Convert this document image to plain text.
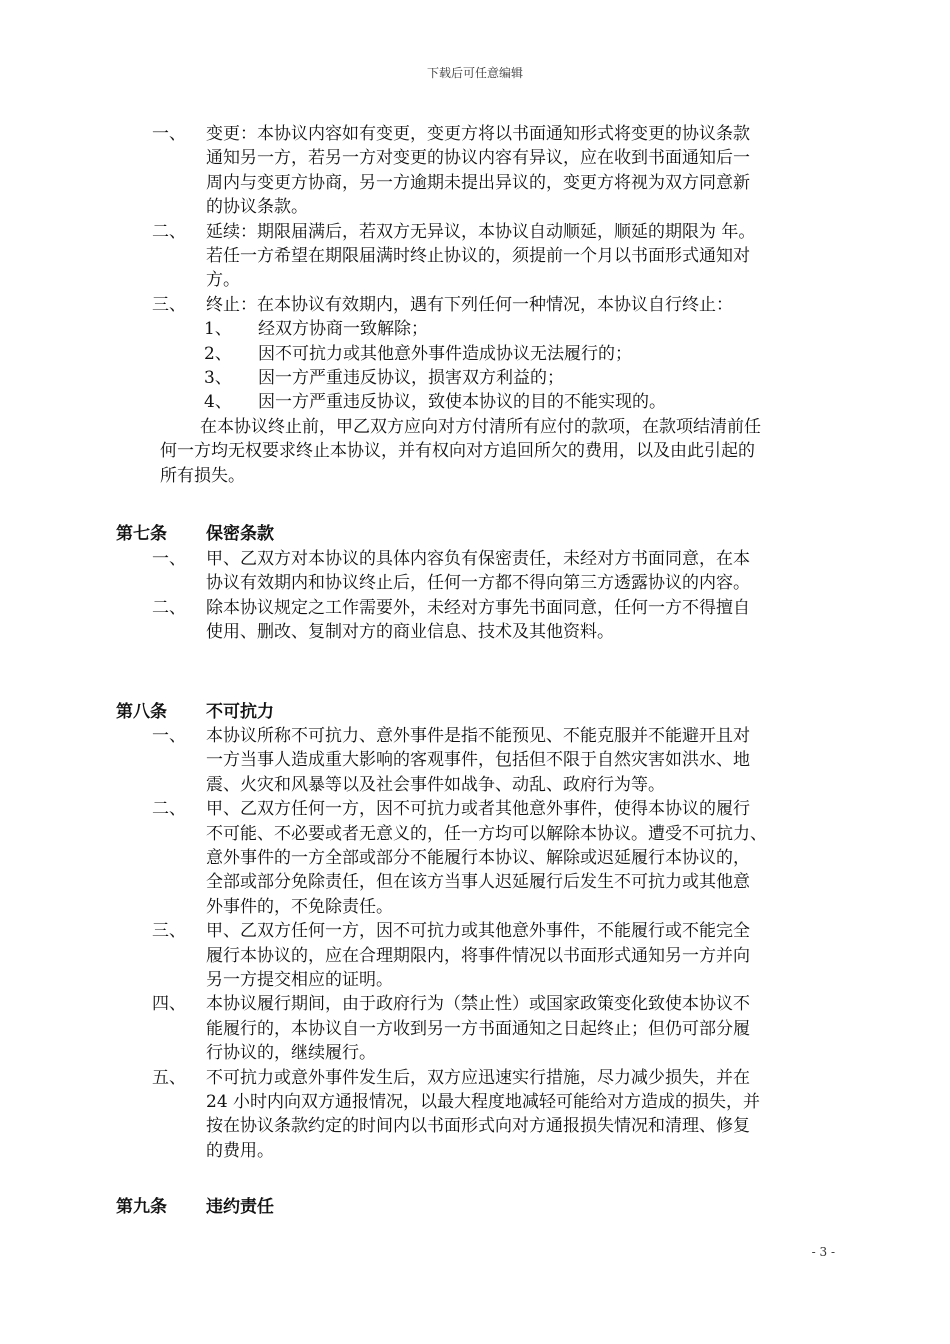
下载后可任意编辑
一、 变更：本协议内容如有变更，变更方将以书面通知形式将变更的协议条款
通知另一方，若另一方对变更的协议内容有异议，应在收到书面通知后一
周内与变更方协商，另一方逾期未提出异议的，变更方将视为双方同意新
的协议条款。
二、 延续：期限届满后，若双方无异议，本协议自动顺延，顺延的期限为 年。
若任一方希望在期限届满时终止协议的，须提前一个月以书面形式通知对
方。
三、 终止：在本协议有效期内，遇有下列任何一种情况，本协议自行终止：
1、 经双方协商一致解除；
2、 因不可抗力或其他意外事件造成协议无法履行的；
3、 因一方严重违反协议，损害双方利益的；
4、 因一方严重违反协议，致使本协议的目的不能实现的。
在本协议终止前，甲乙双方应向对方付清所有应付的款项，在款项结清前任
何一方均无权要求终止本协议，并有权向对方追回所欠的费用，以及由此引起的
所有损失。
第七条 保密条款
一、 甲、乙双方对本协议的具体内容负有保密责任，未经对方书面同意，在本
协议有效期内和协议终止后，任何一方都不得向第三方透露协议的内容。
二、 除本协议规定之工作需要外，未经对方事先书面同意，任何一方不得擅自
使用、删改、复制对方的商业信息、技术及其他资料。
第八条 不可抗力
一、 本协议所称不可抗力、意外事件是指不能预见、不能克服并不能避开且对
一方当事人造成重大影响的客观事件，包括但不限于自然灾害如洪水、地
震、火灾和风暴等以及社会事件如战争、动乱、政府行为等。
二、 甲、乙双方任何一方，因不可抗力或者其他意外事件，使得本协议的履行
不可能、不必要或者无意义的，任一方均可以解除本协议。遭受不可抗力、
意外事件的一方全部或部分不能履行本协议、解除或迟延履行本协议的，
全部或部分免除责任，但在该方当事人迟延履行后发生不可抗力或其他意
外事件的，不免除责任。
三、 甲、乙双方任何一方，因不可抗力或其他意外事件，不能履行或不能完全
履行本协议的，应在合理期限内，将事件情况以书面形式通知另一方并向
另一方提交相应的证明。
四、 本协议履行期间，由于政府行为（禁止性）或国家政策变化致使本协议不
能履行的，本协议自一方收到另一方书面通知之日起终止；但仍可部分履
行协议的，继续履行。
五、 不可抗力或意外事件发生后，双方应迅速实行措施，尽力减少损失，并在
24 小时内向双方通报情况，以最大程度地减轻可能给对方造成的损失，并
按在协议条款约定的时间内以书面形式向对方通报损失情况和清理、修复
的费用。
第九条 违约责任
- 3 -
